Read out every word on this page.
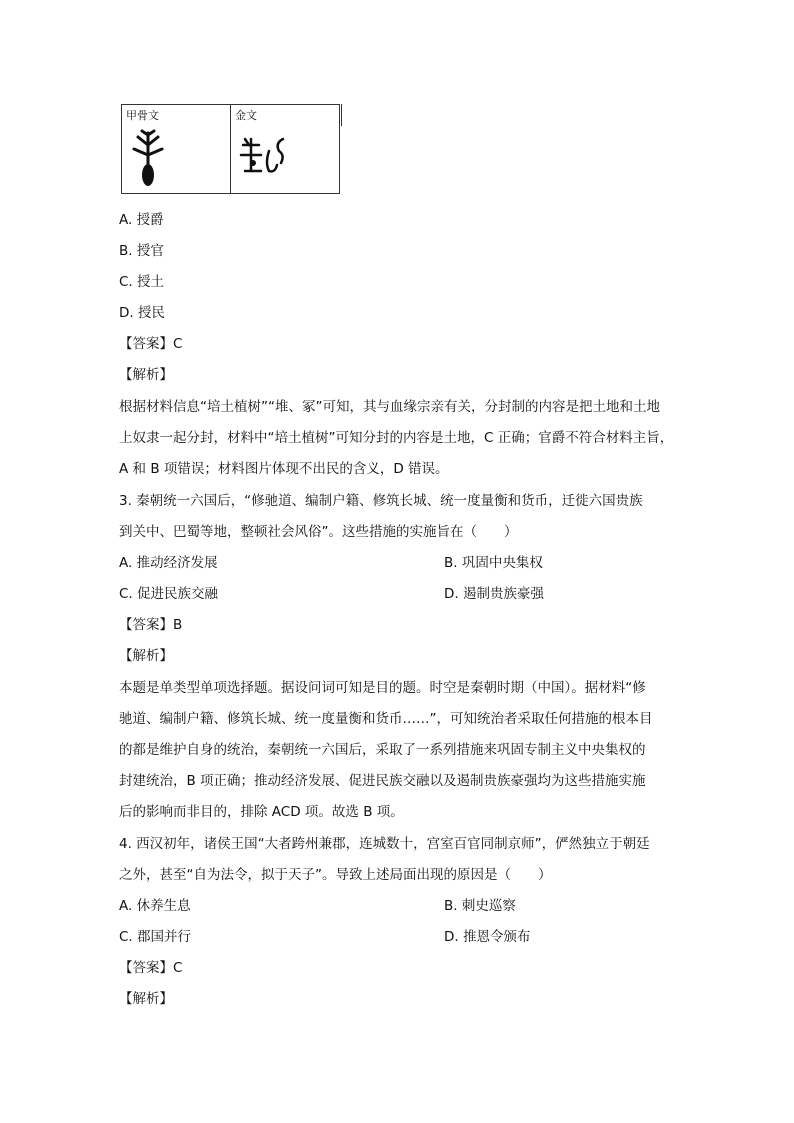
甲骨文	金文
A. 授爵
B. 授官
C. 授土
D. 授民
【答案】C
【解析】
根据材料信息“培土植树”“堆、冢”可知，其与血缘宗亲有关，分封制的内容是把土地和土地
上奴隶一起分封，材料中“培土植树”可知分封的内容是土地，C 正确；官爵不符合材料主旨，
A 和 B 项错误；材料图片体现不出民的含义，D 错误。
3. 秦朝统一六国后，“修驰道、编制户籍、修筑长城、统一度量衡和货币，迁徙六国贵族
到关中、巴蜀等地，整顿社会风俗”。这些措施的实施旨在（　　）
A. 推动经济发展	B. 巩固中央集权
C. 促进民族交融	D. 遏制贵族豪强
【答案】B
【解析】
本题是单类型单项选择题。据设问词可知是目的题。时空是秦朝时期（中国）。据材料“修
驰道、编制户籍、修筑长城、统一度量衡和货币……”，可知统治者采取任何措施的根本目
的都是维护自身的统治，秦朝统一六国后，采取了一系列措施来巩固专制主义中央集权的
封建统治，B 项正确；推动经济发展、促进民族交融以及遏制贵族豪强均为这些措施实施
后的影响而非目的，排除 ACD 项。故选 B 项。
4. 西汉初年，诸侯王国“大者跨州兼郡，连城数十，宫室百官同制京师”，俨然独立于朝廷
之外，甚至“自为法令，拟于天子”。导致上述局面出现的原因是（　　）
A. 休养生息	B. 刺史巡察
C. 郡国并行	D. 推恩令颁布
【答案】C
【解析】
